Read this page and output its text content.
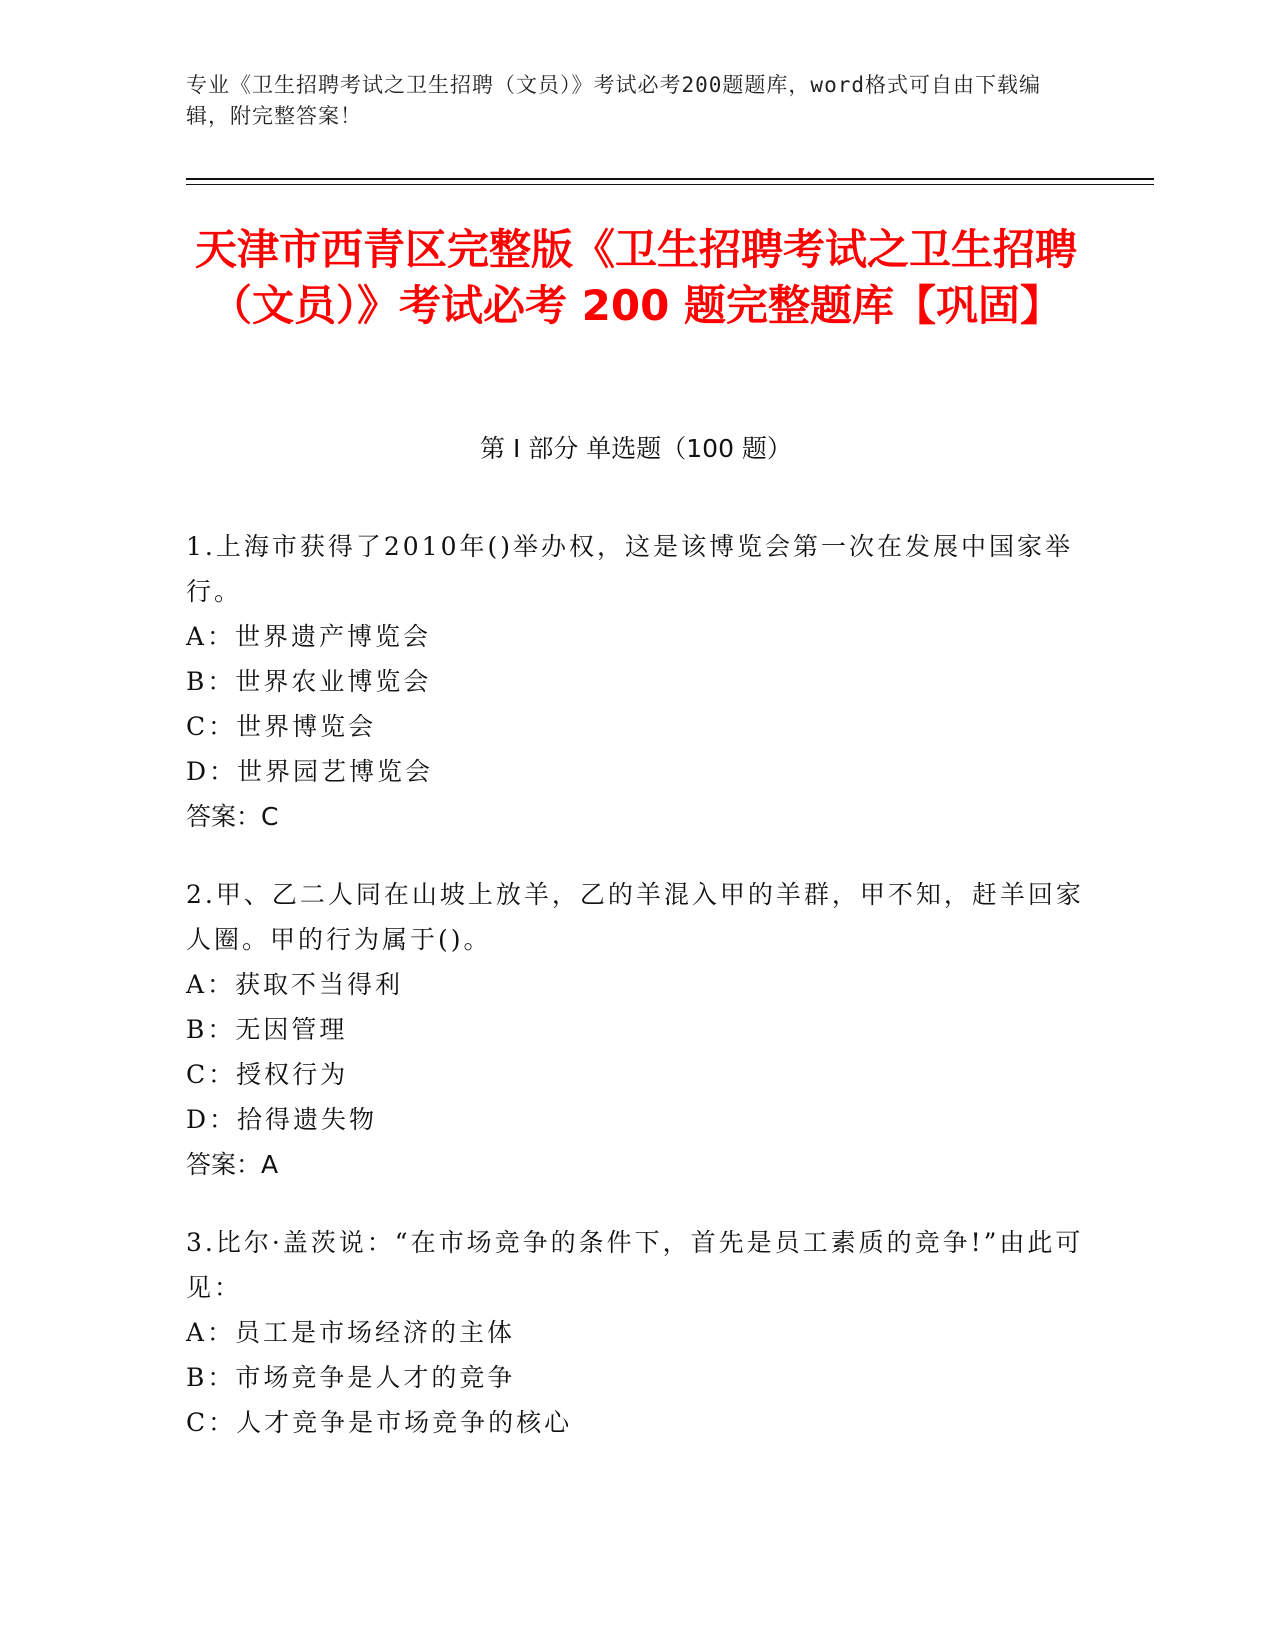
专业《卫生招聘考试之卫生招聘（文员）》考试必考200题题库，word格式可自由下载编辑，附完整答案！
天津市西青区完整版《卫生招聘考试之卫生招聘（文员）》考试必考 200 题完整题库【巩固】
第 I 部分 单选题（100 题）
1.上海市获得了2010年()举办权，这是该博览会第一次在发展中国家举行。
A：世界遗产博览会
B：世界农业博览会
C：世界博览会
D：世界园艺博览会
答案：C
2.甲、乙二人同在山坡上放羊，乙的羊混入甲的羊群，甲不知，赶羊回家人圈。甲的行为属于()。
A：获取不当得利
B：无因管理
C：授权行为
D：拾得遗失物
答案：A
3.比尔·盖茨说：“在市场竞争的条件下，首先是员工素质的竞争!”由此可见：
A：员工是市场经济的主体
B：市场竞争是人才的竞争
C：人才竞争是市场竞争的核心
